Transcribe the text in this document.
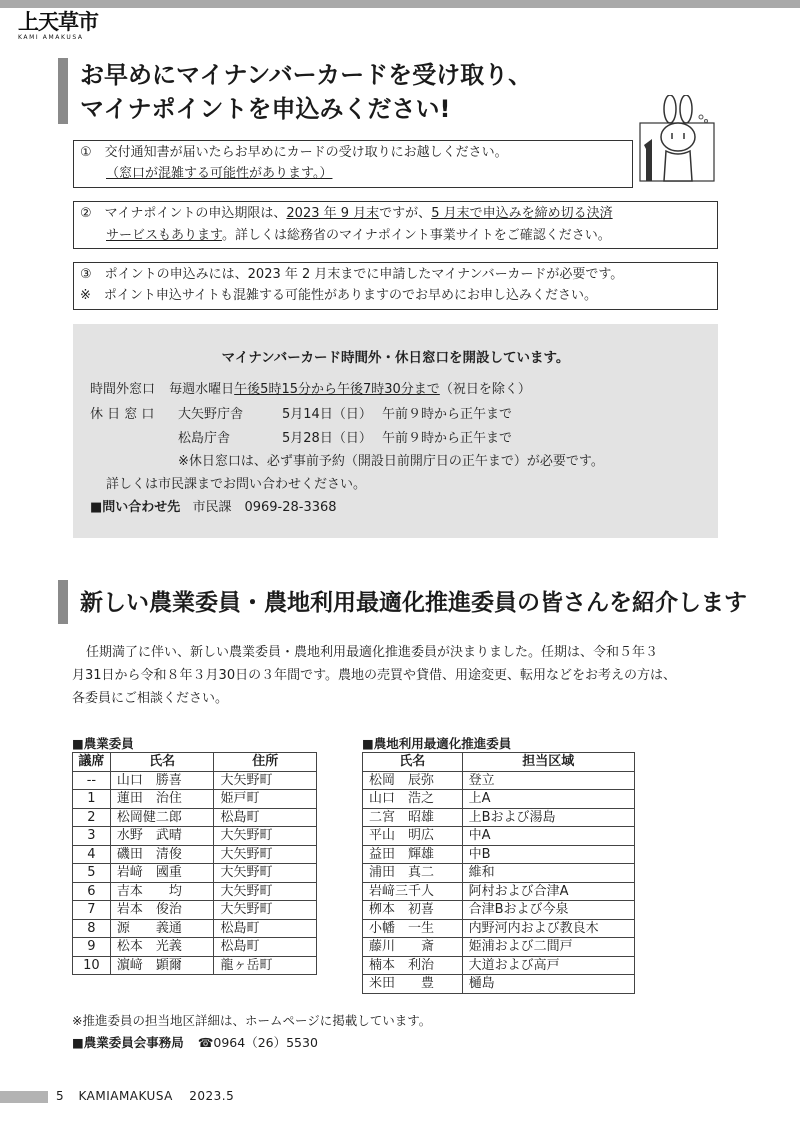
上天草市
KAMI AMAKUSA
お早めにマイナンバーカードを受け取り、
マイナポイントを申込みください!
①　交付通知書が届いたらお早めにカードの受け取りにお越しください。
（窓口が混雑する可能性があります。）
②　マイナポイントの申込期限は、2023 年 9 月末ですが、5 月末で申込みを締め切る決済
サービスもあります。詳しくは総務省のマイナポイント事業サイトをご確認ください。
③　ポイントの申込みには、2023 年 2 月末までに申請したマイナンバーカードが必要です。
※　ポイント申込サイトも混雑する可能性がありますのでお早めにお申し込みください。
マイナンバーカード時間外・休日窓口を開設しています。
時間外窓口 毎週水曜日午後5時15分から午後7時30分まで（祝日を除く）
休 日 窓 口 大矢野庁舎	5月14日（日） 午前９時から正午まで
松島庁舎	5月28日（日） 午前９時から正午まで
※休日窓口は、必ず事前予約（開設日前開庁日の正午まで）が必要です。
詳しくは市民課までお問い合わせください。
■問い合わせ先 市民課　0969-28-3368
新しい農業委員・農地利用最適化推進委員の皆さんを紹介します
任期満了に伴い、新しい農業委員・農地利用最適化推進委員が決まりました。任期は、令和５年３
月31日から令和８年３月30日の３年間です。農地の売買や貸借、用途変更、転用などをお考えの方は、
各委員にご相談ください。
■農業委員
議席	氏名	住所
--	山口　勝喜	大矢野町
1	蓮田　治住	姫戸町
2	松岡健二郎	松島町
3	水野　武晴	大矢野町
4	磯田　清俊	大矢野町
5	岩﨑　國重	大矢野町
6	吉本　　均	大矢野町
7	岩本　俊治	大矢野町
8	源　　義通	松島町
9	松本　光義	松島町
10	濵﨑　顕爾	龍ヶ岳町
■農地利用最適化推進委員
氏名	担当区域
松岡　辰弥	登立
山口　浩之	上A
二宮　昭雄	上Bおよび湯島
平山　明広	中A
益田　輝雄	中B
浦田　真二	維和
岩﨑三千人	阿村および合津A
栁本　初喜	合津Bおよび今泉
小幡　一生	内野河内および教良木
藤川　　斎	姫浦および二間戸
楠本　利治	大道および高戸
米田　　豊	樋島
※推進委員の担当地区詳細は、ホームページに掲載しています。
■農業委員会事務局 ☎0964（26）5530
5 KAMIAMAKUSA 2023.5
